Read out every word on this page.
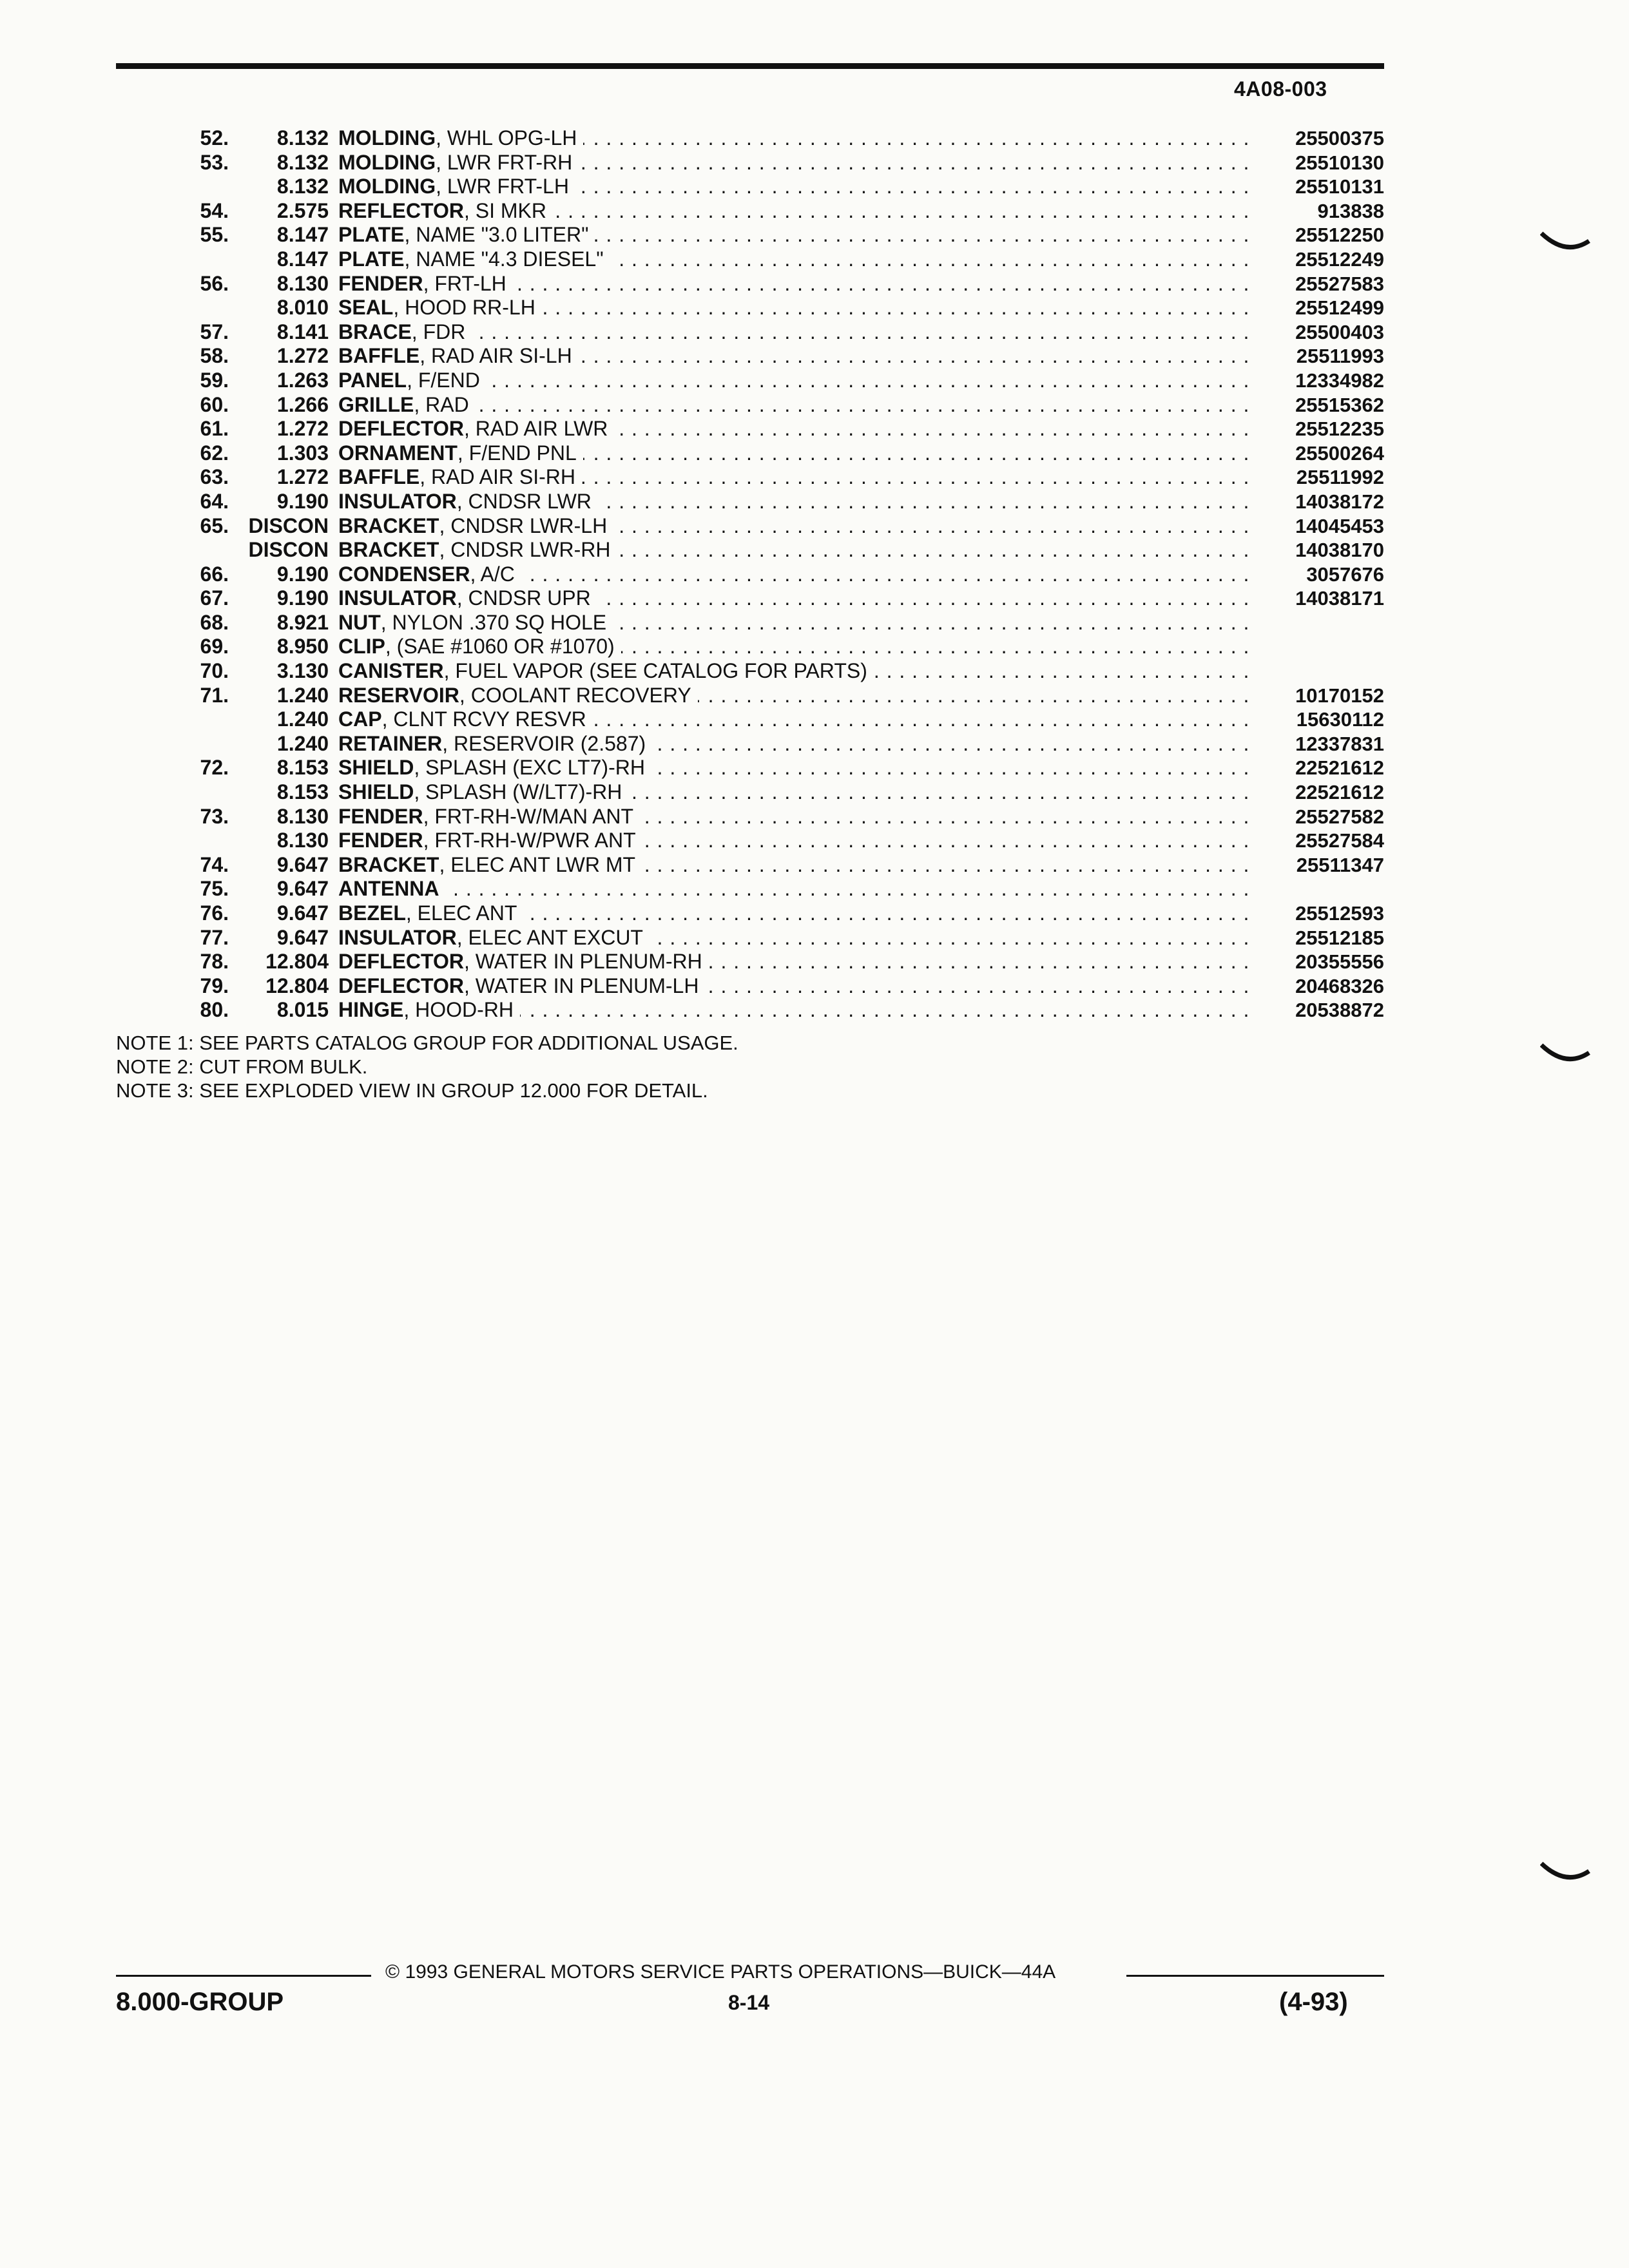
4A08-003
52.	8.132 MOLDING, WHL OPG-LH . . .	25500375
53.	8.132 MOLDING, LWR FRT-RH . . .	25510130
8.132 MOLDING, LWR FRT-LH . . .	25510131
54.	2.575 REFLECTOR, SI MKR . . .	913838
55.	8.147 PLATE, NAME "3.0 LITER" . . .	25512250
8.147 PLATE, NAME "4.3 DIESEL" . . .	25512249
56.	8.130 FENDER, FRT-LH . . .	25527583
8.010 SEAL, HOOD RR-LH . . .	25512499
57.	8.141 BRACE, FDR . . .	25500403
58.	1.272 BAFFLE, RAD AIR SI-LH . . .	25511993
59.	1.263 PANEL, F/END . . .	12334982
60.	1.266 GRILLE, RAD . . .	25515362
61.	1.272 DEFLECTOR, RAD AIR LWR . . .	25512235
62.	1.303 ORNAMENT, F/END PNL . . .	25500264
63.	1.272 BAFFLE, RAD AIR SI-RH . . .	25511992
64.	9.190 INSULATOR, CNDSR LWR . . .	14038172
65. DISCON BRACKET, CNDSR LWR-LH . . .	14045453
DISCON BRACKET, CNDSR LWR-RH . . .	14038170
66.	9.190 CONDENSER, A/C . . .	3057676
67.	9.190 INSULATOR, CNDSR UPR . . .	14038171
68.	8.921 NUT, NYLON .370 SQ HOLE . . .
69.	8.950 CLIP, (SAE #1060 OR #1070) . . .
70.	3.130 CANISTER, FUEL VAPOR (SEE CATALOG FOR PARTS) . . .
71.	1.240 RESERVOIR, COOLANT RECOVERY . . .	10170152
1.240 CAP, CLNT RCVY RESVR . . .	15630112
1.240 RETAINER, RESERVOIR (2.587) . . .	12337831
72.	8.153 SHIELD, SPLASH (EXC LT7)-RH . . .	22521612
8.153 SHIELD, SPLASH (W/LT7)-RH . . .	22521612
73.	8.130 FENDER, FRT-RH-W/MAN ANT . . .	25527582
8.130 FENDER, FRT-RH-W/PWR ANT . . .	25527584
74.	9.647 BRACKET, ELEC ANT LWR MT . . .	25511347
75.	9.647 ANTENNA . . .
76.	9.647 BEZEL, ELEC ANT . . .	25512593
77.	9.647 INSULATOR, ELEC ANT EXCUT . . .	25512185
78.	12.804 DEFLECTOR, WATER IN PLENUM-RH . . .	20355556
79.	12.804 DEFLECTOR, WATER IN PLENUM-LH . . .	20468326
80.	8.015 HINGE, HOOD-RH . . .	20538872
NOTE 1: SEE PARTS CATALOG GROUP FOR ADDITIONAL USAGE.
NOTE 2: CUT FROM BULK.
NOTE 3: SEE EXPLODED VIEW IN GROUP 12.000 FOR DETAIL.
© 1993 GENERAL MOTORS SERVICE PARTS OPERATIONS—BUICK—44A
8.000-GROUP	8-14	(4-93)
